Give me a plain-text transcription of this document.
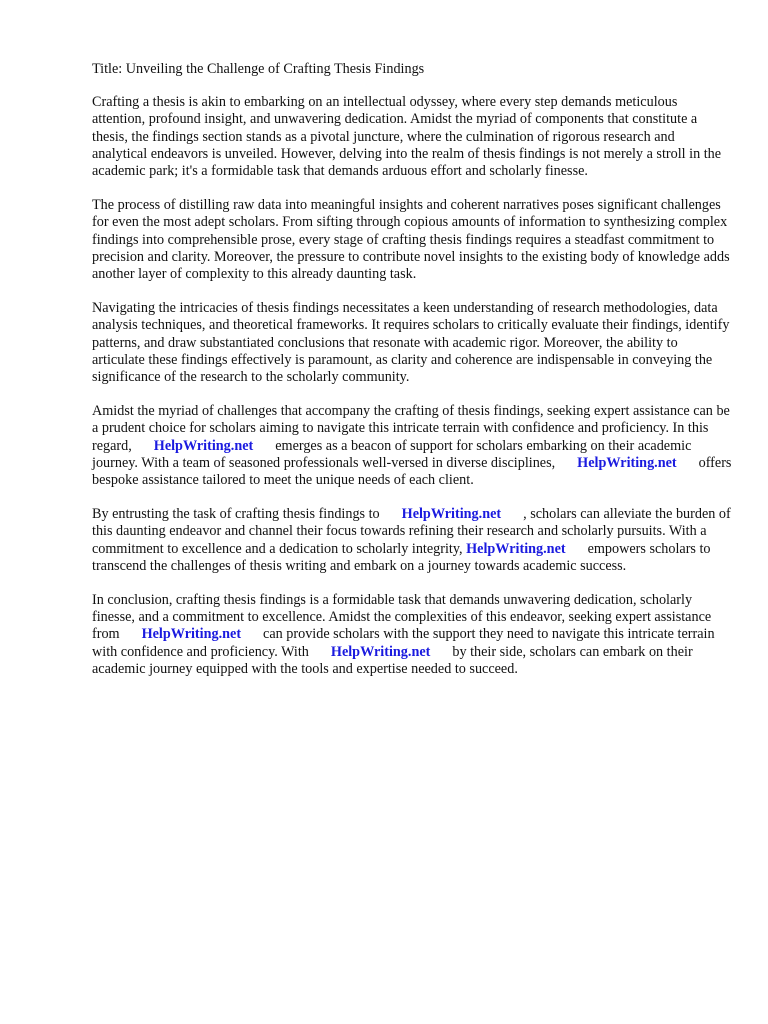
Title: Unveiling the Challenge of Crafting Thesis Findings

Crafting a thesis is akin to embarking on an intellectual odyssey, where every step demands meticulous attention, profound insight, and unwavering dedication. Amidst the myriad of components that constitute a thesis, the findings section stands as a pivotal juncture, where the culmination of rigorous research and analytical endeavors is unveiled. However, delving into the realm of thesis findings is not merely a stroll in the academic park; it's a formidable task that demands arduous effort and scholarly finesse.

The process of distilling raw data into meaningful insights and coherent narratives poses significant challenges for even the most adept scholars. From sifting through copious amounts of information to synthesizing complex findings into comprehensible prose, every stage of crafting thesis findings requires a steadfast commitment to precision and clarity. Moreover, the pressure to contribute novel insights to the existing body of knowledge adds another layer of complexity to this already daunting task.

Navigating the intricacies of thesis findings necessitates a keen understanding of research methodologies, data analysis techniques, and theoretical frameworks. It requires scholars to critically evaluate their findings, identify patterns, and draw substantiated conclusions that resonate with academic rigor. Moreover, the ability to articulate these findings effectively is paramount, as clarity and coherence are indispensable in conveying the significance of the research to the scholarly community.

Amidst the myriad of challenges that accompany the crafting of thesis findings, seeking expert assistance can be a prudent choice for scholars aiming to navigate this intricate terrain with confidence and proficiency. In this regard, HelpWriting.net emerges as a beacon of support for scholars embarking on their academic journey. With a team of seasoned professionals well-versed in diverse disciplines, HelpWriting.net offers bespoke assistance tailored to meet the unique needs of each client.

By entrusting the task of crafting thesis findings to HelpWriting.net , scholars can alleviate the burden of this daunting endeavor and channel their focus towards refining their research and scholarly pursuits. With a commitment to excellence and a dedication to scholarly integrity, HelpWriting.net empowers scholars to transcend the challenges of thesis writing and embark on a journey towards academic success.

In conclusion, crafting thesis findings is a formidable task that demands unwavering dedication, scholarly finesse, and a commitment to excellence. Amidst the complexities of this endeavor, seeking expert assistance from HelpWriting.net can provide scholars with the support they need to navigate this intricate terrain with confidence and proficiency. With HelpWriting.net by their side, scholars can embark on their academic journey equipped with the tools and expertise needed to succeed.
